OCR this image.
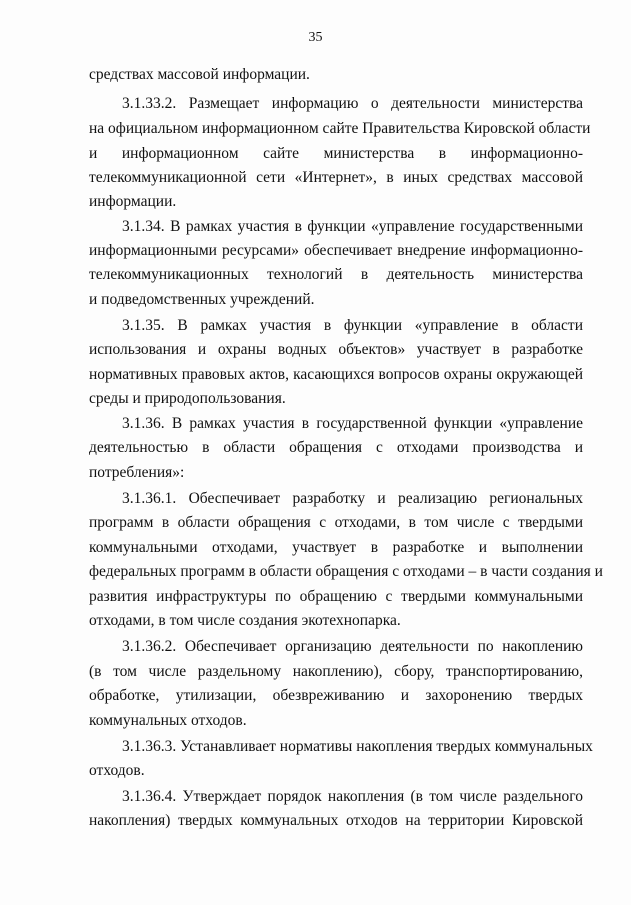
35

средствах массовой информации.

3.1.33.2. Размещает информацию о деятельности министерства

на официальном информационном сайте Правительства Кировской области

и информационном сайте министерства в информационно-

телекоммуникационной сети «Интернет», в иных средствах массовой

информации.

3.1.34. В рамках участия в функции «управление государственными

информационными ресурсами» обеспечивает внедрение информационно-

телекоммуникационных технологий в деятельность министерства

и подведомственных учреждений.

3.1.35. В рамках участия в функции «управление в области

использования и охраны водных объектов» участвует в разработке

нормативных правовых актов, касающихся вопросов охраны окружающей

среды и природопользования.

3.1.36. В рамках участия в государственной функции «управление

деятельностью в области обращения с отходами производства и

потребления»:

3.1.36.1. Обеспечивает разработку и реализацию региональных

программ в области обращения с отходами, в том числе с твердыми

коммунальными отходами, участвует в разработке и выполнении

федеральных программ в области обращения с отходами – в части создания и

развития инфраструктуры по обращению с твердыми коммунальными

отходами, в том числе создания экотехнопарка.

3.1.36.2. Обеспечивает организацию деятельности по накоплению

(в том числе раздельному накоплению), сбору, транспортированию,

обработке, утилизации, обезвреживанию и захоронению твердых

коммунальных отходов.

3.1.36.3. Устанавливает нормативы накопления твердых коммунальных

отходов.

3.1.36.4. Утверждает порядок накопления (в том числе раздельного

накопления) твердых коммунальных отходов на территории Кировской
